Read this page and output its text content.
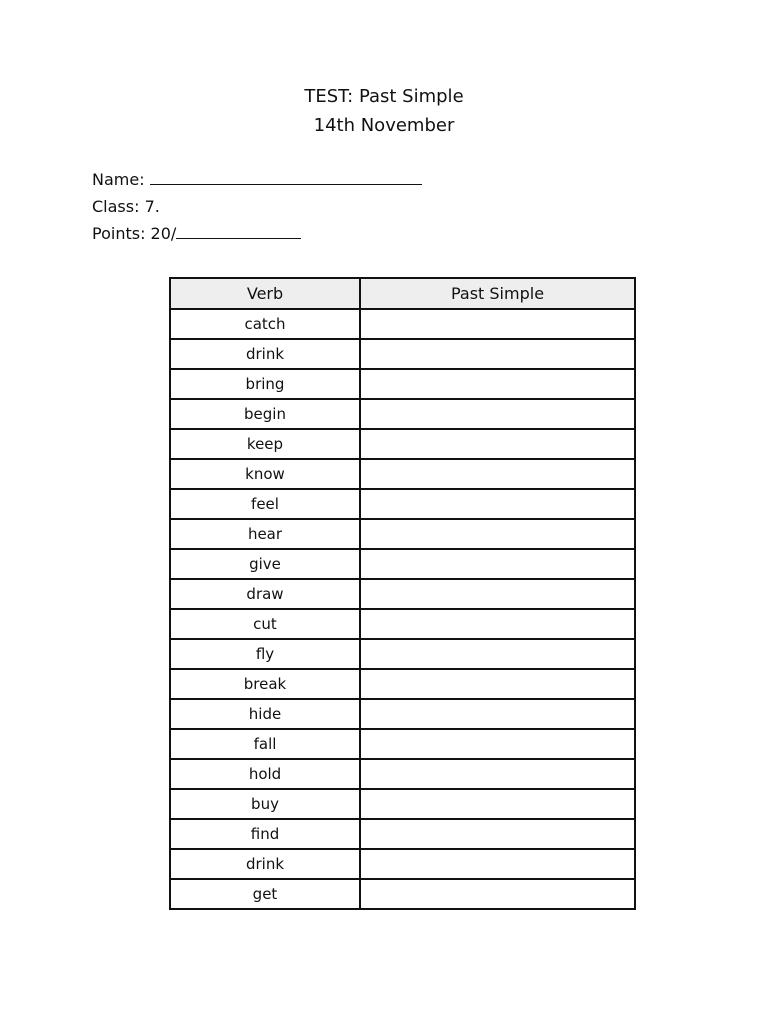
TEST: Past Simple
14th November
Name:
Class: 7.
Points: 20/
Verb	Past Simple
catch	
drink	
bring	
begin	
keep	
know	
feel	
hear	
give	
draw	
cut	
fly	
break	
hide	
fall	
hold	
buy	
find	
drink	
get	
